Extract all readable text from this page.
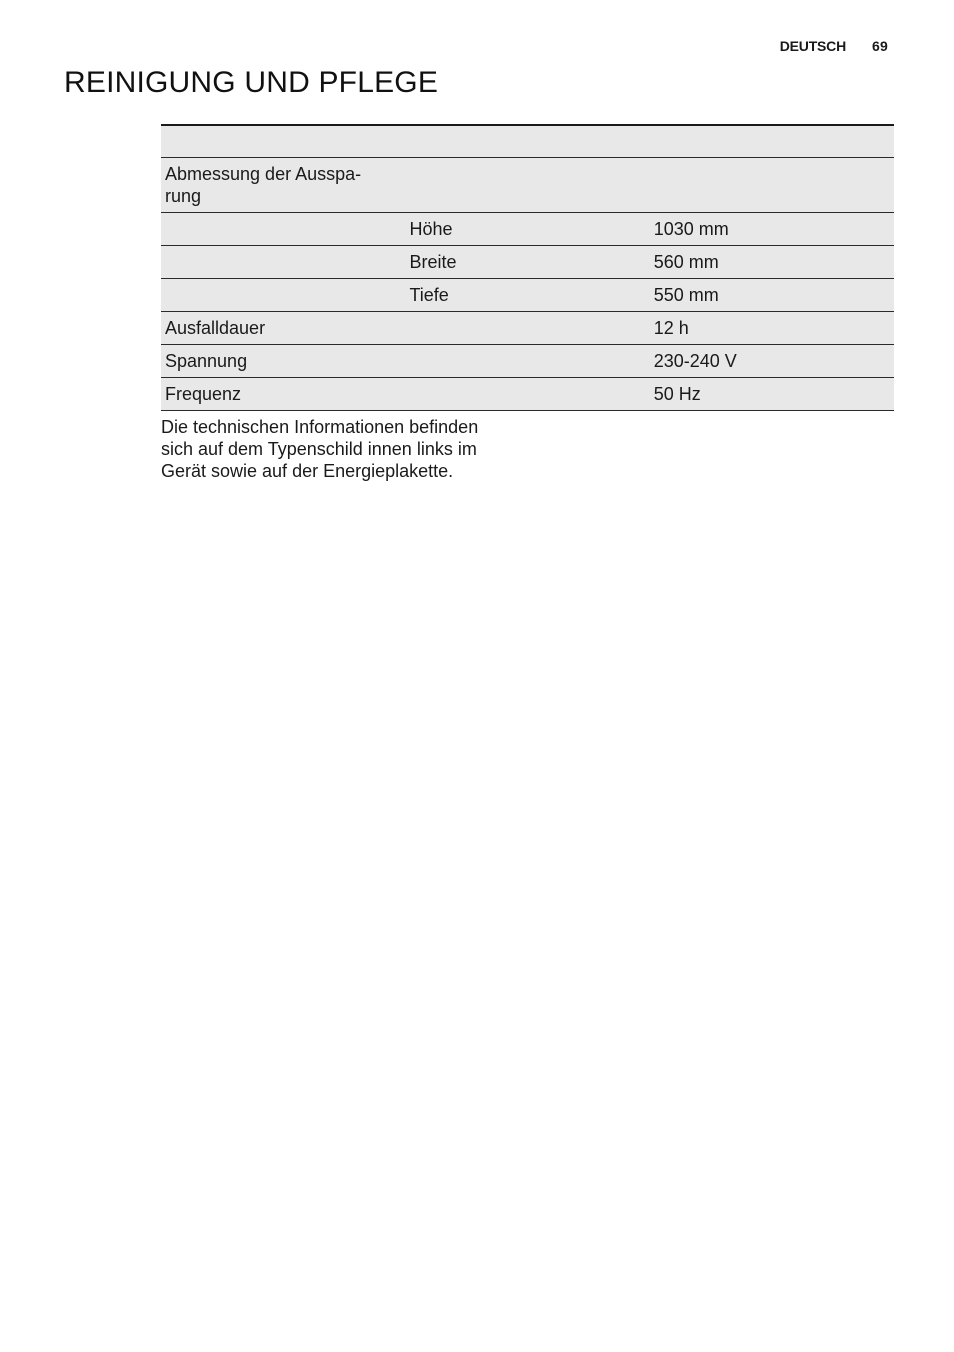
DEUTSCH 69
REINIGUNG UND PFLEGE

Abmessung der Ausspa-
rung		
	Höhe	1030 mm
	Breite	560 mm
	Tiefe	550 mm
Ausfalldauer		12 h
Spannung		230-240 V
Frequenz		50 Hz

Die technischen Informationen befinden
sich auf dem Typenschild innen links im
Gerät sowie auf der Energieplakette.
